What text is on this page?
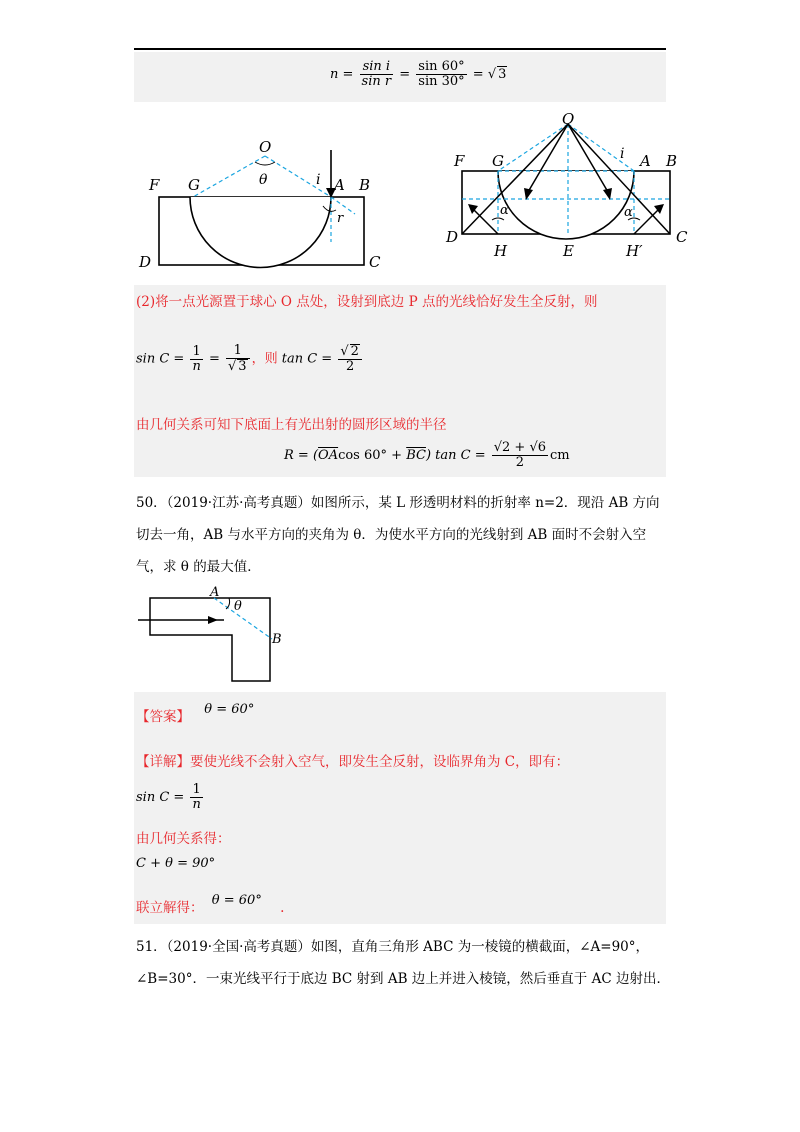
$n = \frac{\text{sin i}}{\text{sin r}} = \frac{\sin 60^\circ}{\sin 30^\circ}$ = √ 3
O
θ	i A B
F G
r
D	C
O
F G	i A B
α	α
D
H	E	H′
C
(2)将一点光源置于球心 O 点处，设射到底边 P 点的光线恰好发生全反射，则
$\sin C = \frac{1}{n} = \frac{1}{√ 3}$ ，则 $\tan C = \frac{√ 2}{2}$
由几何关系可知下底面上有光出射的圆形区域的半径
$R = (\overline{OA}\cos$ $60^\circ + \overline{BC}$) $\tan C = \frac{√2 + √6}{2}$ cm
50．（2019·江苏·高考真题）如图所示，某 L 形透明材料的折射率 n=2．现沿 AB 方向
切去一角，AB 与水平方向的夹角为 θ．为使水平方向的光线射到 AB 面时不会射入空
气，求 θ 的最大值．
A
θ
B
【答案】 θ = 60°
【详解】要使光线不会射入空气，即发生全反射，设临界角为 C，即有：
$\sin C = \frac{1}{n}$
由几何关系得：
C + θ = 90°
联立解得： θ = 60° .
51．（2019·全国·高考真题）如图，直角三角形 ABC 为一棱镜的横截面，∠A=90°，
∠B=30°．一束光线平行于底边 BC 射到 AB 边上并进入棱镜，然后垂直于 AC 边射出．
